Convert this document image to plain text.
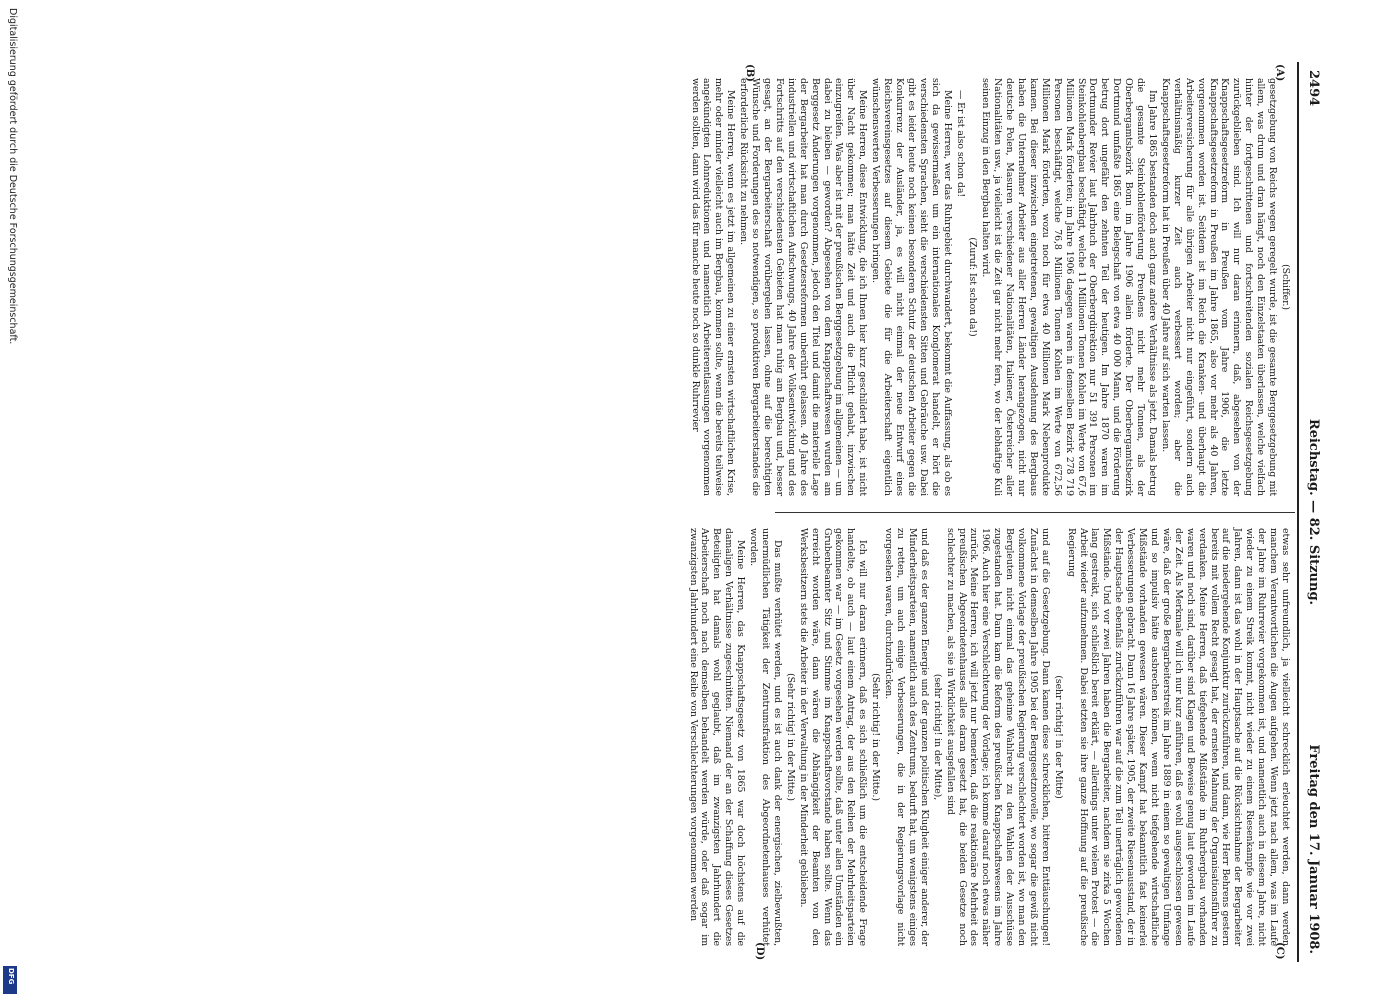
Digitalisierung gefördert durch die Deutsche Forschungsgemeinschaft.
DFG
2494
Reichstag. — 82. Sitzung.
Freitag den 17. Januar 1908.
(A)
(B)
(C)
(D)

(Schiffer.)

gesetzgebung von Reichs wegen geregelt wurde, ist die gesamte Berggesetzgebung mit allem, was drum und dran hängt, noch den Einzelstaaten überlassen, welche vielfach hinter der fortgeschrittenen und fortschreitenden sozialen Reichsgesetzgebung zurückgeblieben sind. Ich will nur daran erinnern, daß, abgesehen von der Knappschaftsgesetzreform in Preußen vom Jahre 1906, die letzte Knappschaftsgesetzreform in Preußen im Jahre 1865, also vor mehr als 40 Jahren, vorgenommen worden ist. Seitdem ist im Reich die Kranken- und überhaupt die Arbeiterversicherung für alle übrigen Arbeiter nicht nur eingeführt, sondern auch verhältnismäßig kurzer Zeit auch verbessert worden; aber die Knappschaftsgesetzreform hat in Preußen über 40 Jahre auf sich warten lassen.

Im Jahre 1865 bestanden doch auch ganz andere Verhältnisse als jetzt. Damals betrug die gesamte Steinkohlenförderung Preußens nicht mehr Tonnen, als der Oberbergamtsbezirk Bonn im Jahre 1906 allein förderte. Der Oberbergamtsbezirk Dortmund umfaßte 1865 eine Belegschaft von etwa 40 000 Mann, und die Förderung betrug dort ungefähr den zehnten Teil der heutigen. Im Jahre 1870 waren im Dortmunder Revier laut Jahrbuch der Oberbergdirektion nur 51 391 Personen im Steinkohlenbergbau beschäftigt, welche 11 Millionen Tonnen Kohlen im Werte von 67,6 Millionen Mark förderten; im Jahre 1906 dagegen waren in demselben Bezirk 278 719 Personen beschäftigt, welche 76,8 Millionen Tonnen Kohlen im Werte von 672,56 Millionen Mark förderten, wozu noch für etwa 40 Millionen Mark Nebenprodukte kamen. Bei dieser inzwischen eingetretenen, gewaltigen Ausdehnung des Bergbaus haben die Unternehmer Arbeiter aus aller Herren Länder herangezogen, nicht nur deutsche Polen, Masuren verschiedener Nationalitäten, Italiener, Österreicher aller Nationalitäten usw., ja vielleicht ist die Zeit gar nicht mehr fern, wo der lebhaftige Kuli seinen Einzug in den Bergbau halten wird.

(Zuruf: Ist schon da!)

— Er ist also schon da!

Meine Herren, wer das Ruhrgebiet durchwandert, bekommt die Auffassung, als ob es sich da gewissermaßen um ein internationales Konglomerat handelt, er hört die verschiedensten Sprachen, sieht die verschiedensten Sitten und Gebräuche usw. Dabei gibt es leider heute noch keinen besonderen Schutz der deutschen Arbeiter gegen die Konkurrenz der Ausländer, ja, es will nicht einmal der neue Entwurf eines Reichsvereinsgesetzes auf diesem Gebiete die für die Arbeiterschaft eigentlich wünschenswerten Verbesserungen bringen.

Meine Herren, diese Entwicklung, die ich Ihnen hier kurz geschildert habe, ist nicht über Nacht gekommen; man hätte Zeit und auch die Pflicht gehabt, inzwischen einzugreifen. Was aber ist mit der preußischen Berggesetzgebung im allgemeinen — um dabei zu bleiben — geworden? Abgesehen von dem Knappschaftswesen wurden am Berggesetz Änderungen vorgenommen, jedoch den Titel und damit die materielle Lage der Bergarbeiter hat man durch Gesetzesreformen unberührt gelassen. 40 Jahre des industriellen und wirtschaftlichen Aufschwungs, 40 Jahre der Volksentwicklung und des Fortschritts auf den verschiedensten Gebieten hat man ruhig am Bergbau und, besser gesagt, an der Bergarbeiterschaft vorübergehen lassen, ohne auf die berechtigten Wünsche und Forderungen des so notwendigen, so produktiven Bergarbeiterstandes die erforderliche Rücksicht zu nehmen.

Meine Herren, wenn es jetzt im allgemeinen zu einer ernsten wirtschaftlichen Krise, mehr oder minder vielleicht auch im Bergbau, kommen sollte, wenn die bereits teilweise angekündigten Lohnreduktionen und namentlich Arbeiterentlassungen vorgenommen werden sollten, dann wird das für manche heute noch so dunkle Ruhrrevier

etwas sehr unfreundlich, ja vielleicht schrecklich erleuchtet werden, dann werden manchem Verantwortlichen die Augen aufgehen. Wenn jetzt nach allem, was im Laufe der Jahre im Ruhrrevier vorgekommen ist, und namentlich auch in diesem Jahre, nicht wieder zu einem Streik kommt, nicht wieder zu einem Riesenkampfe wie vor zwei Jahren, dann ist das wohl in der Hauptsache auf die Rücksichtnahme der Bergarbeiter auf die niedergehende Konjunktur zurückzuführen, und dann, wie Herr Behrens gestern bereits mit vollem Recht gesagt hat, der ernsten Mahnung der Organisationsführer zu verdanken. Meine Herren, daß tiefgehende Mißstände im Ruhrbergbau vorhanden waren und noch sind, darüber sind Klagen und Beweise genug laut geworden im Laufe der Zeit. Als Merkmale will ich nur kurz anführen, daß es wohl ausgeschlossen gewesen wäre, daß der große Bergarbeiterstreik im Jahre 1889 in einem so gewaltigen Umfange und so impulsiv hätte ausbrechen können, wenn nicht tiefgehende wirtschaftliche Mißstände vorhanden gewesen wären. Dieser Kampf hat bekanntlich fast keinerlei Verbesserungen gebracht. Dann 16 Jahre später, 1905, der zweite Riesenausstand, der in der Hauptsache ebenfalls zurückzuführen war auf die zum Teil unerträglich gewordenen Mißstände. Und vor zwei Jahren haben die Bergarbeiter, nachdem sie zirka 5 Wochen lang gestreikt, sich schließlich bereit erklärt, — allerdings unter vielem Protest — die Arbeit wieder aufzunehmen. Dabei setzten sie ihre ganze Hoffnung auf die preußische Regierung

(sehr richtig! in der Mitte)

und auf die Gesetzgebung. Dann kamen diese schrecklichen, bitteren Enttäuschungen! Zunächst in demselben Jahre 1905 bei der Berggesetznovelle, wo sogar die gewiß nicht volkommene Vorlage der preußischen Regierung verschlechtert worden ist, wo man den Bergleuten nicht einmal das geheime Wahlrecht zu den Wahlen der Ausschüsse zugestanden hat. Dann kam die Reform des preußischen Knappschaftswesens im Jahre 1906. Auch hier eine Verschlechterung der Vorlage; ich komme darauf noch etwas näher zurück. Meine Herren, ich will jetzt nur bemerken, daß die reaktionäre Mehrheit des preußischen Abgeordnetenhauses alles daran gesetzt hat, die beiden Gesetze noch schlechter zu machen, als sie in Wirklichkeit ausgefallen sind

(sehr richtig! in der Mitte),

und daß es der ganzen Energie und der ganzen politischen Klugheit einiger anderer, der Minderheitsparteien, namentlich auch des Zentrums, bedurft hat, um wenigstens einiges zu retten, um auch einige Verbesserungen, die in der Regierungsvorlage nicht vorgesehen waren, durchzudrücken.

(Sehr richtig! in der Mitte.)

Ich will nur daran erinnern, daß es sich schließlich um die entscheidende Frage handelte, ob auch — laut einem Antrag, der aus den Reihen der Mehrheitsparteien gekommen war — im Gesetz vorgesehen werden sollte, daß unter allen Umständen ein Grubenbeamter Sitz und Stimme im Knappschaftsvorstande haben sollte. Wenn das erreicht worden wäre, dann wären die Abhängigkeit der Beamten von den Werksbesitzern stets die Arbeiter in der Verwaltung in der Minderheit geblieben.

(Sehr richtig! in der Mitte.)

Das mußte verhütet werden, und es ist auch dank der energischen, zielbewußten, unermüdlichen Tätigkeit der Zentrumsfraktion des Abgeordnetenhauses verhütet worden.

Meine Herren, das Knappschaftsgesetz von 1865 war doch höchstens auf die damaligen Verhältnisse zugeschnitten. Niemand der an der Schaffung dieses Gesetzes Beteiligten hat damals wohl geglaubt, daß im zwanzigsten Jahrhundert die Arbeiterschaft noch nach demselben behandelt werden würde, oder daß sogar im zwanzigsten Jahrhundert eine Reihe von Verschlechterungen vorgenommen werden
